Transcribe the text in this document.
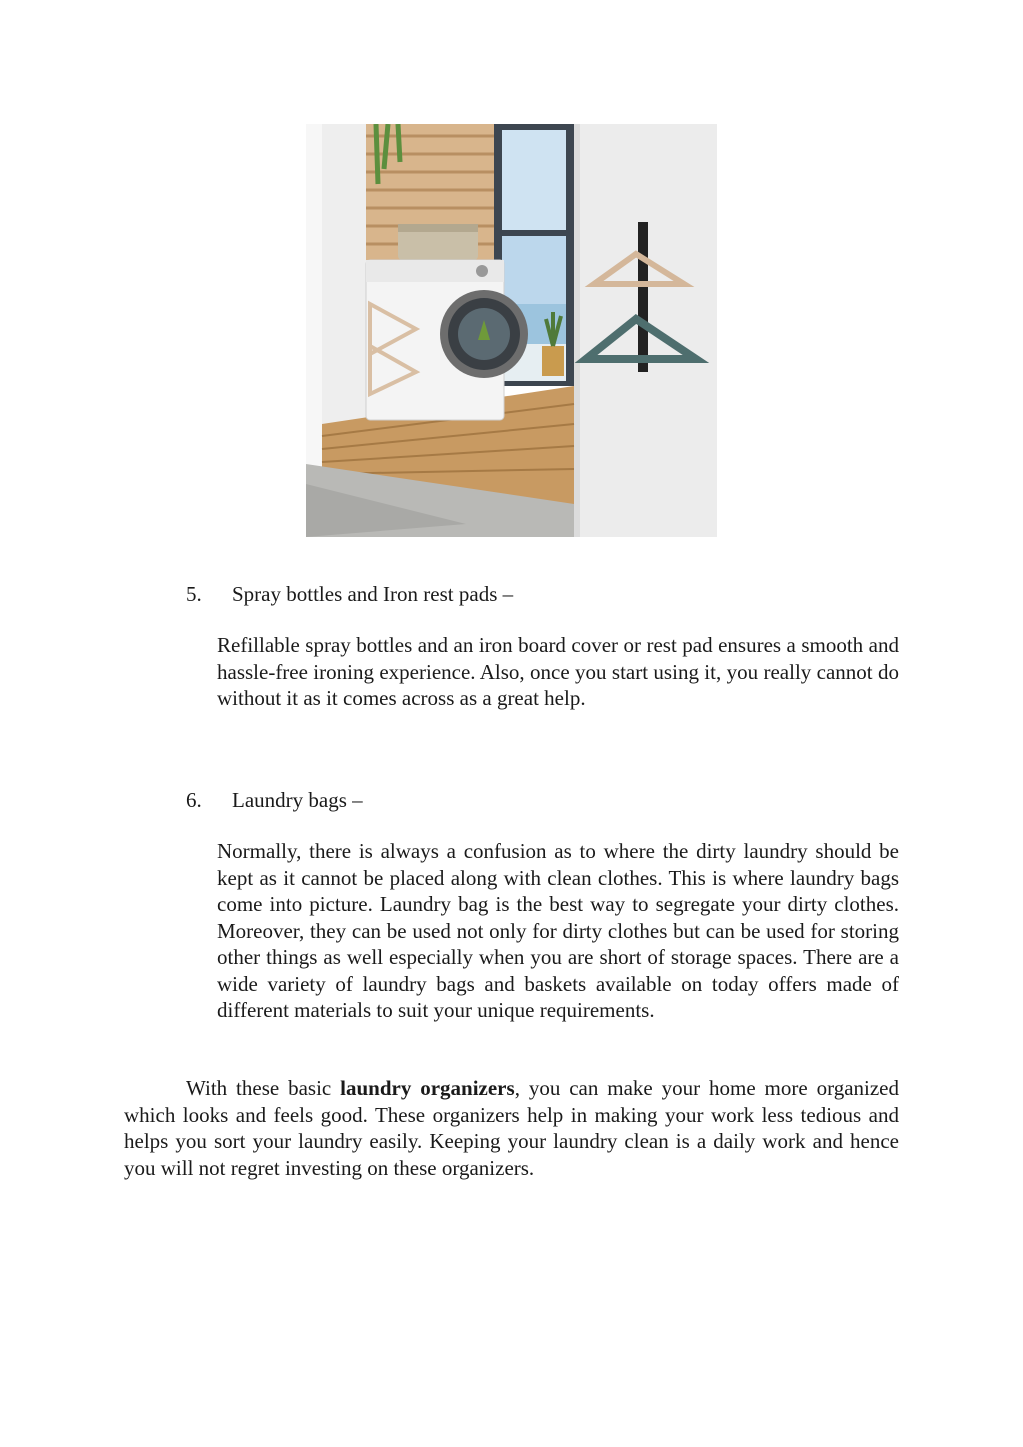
5. Spray bottles and Iron rest pads –
Refillable spray bottles and an iron board cover or rest pad ensures a smooth and hassle-free ironing experience. Also, once you start using it, you really cannot do without it as it comes across as a great help.
6. Laundry bags –
Normally, there is always a confusion as to where the dirty laundry should be kept as it cannot be placed along with clean clothes. This is where laundry bags come into picture. Laundry bag is the best way to segregate your dirty clothes. Moreover, they can be used not only for dirty clothes but can be used for storing other things as well especially when you are short of storage spaces. There are a wide variety of laundry bags and baskets available on today offers made of different materials to suit your unique requirements.
With these basic laundry organizers, you can make your home more organized which looks and feels good. These organizers help in making your work less tedious and helps you sort your laundry easily. Keeping your laundry clean is a daily work and hence you will not regret investing on these organizers.
